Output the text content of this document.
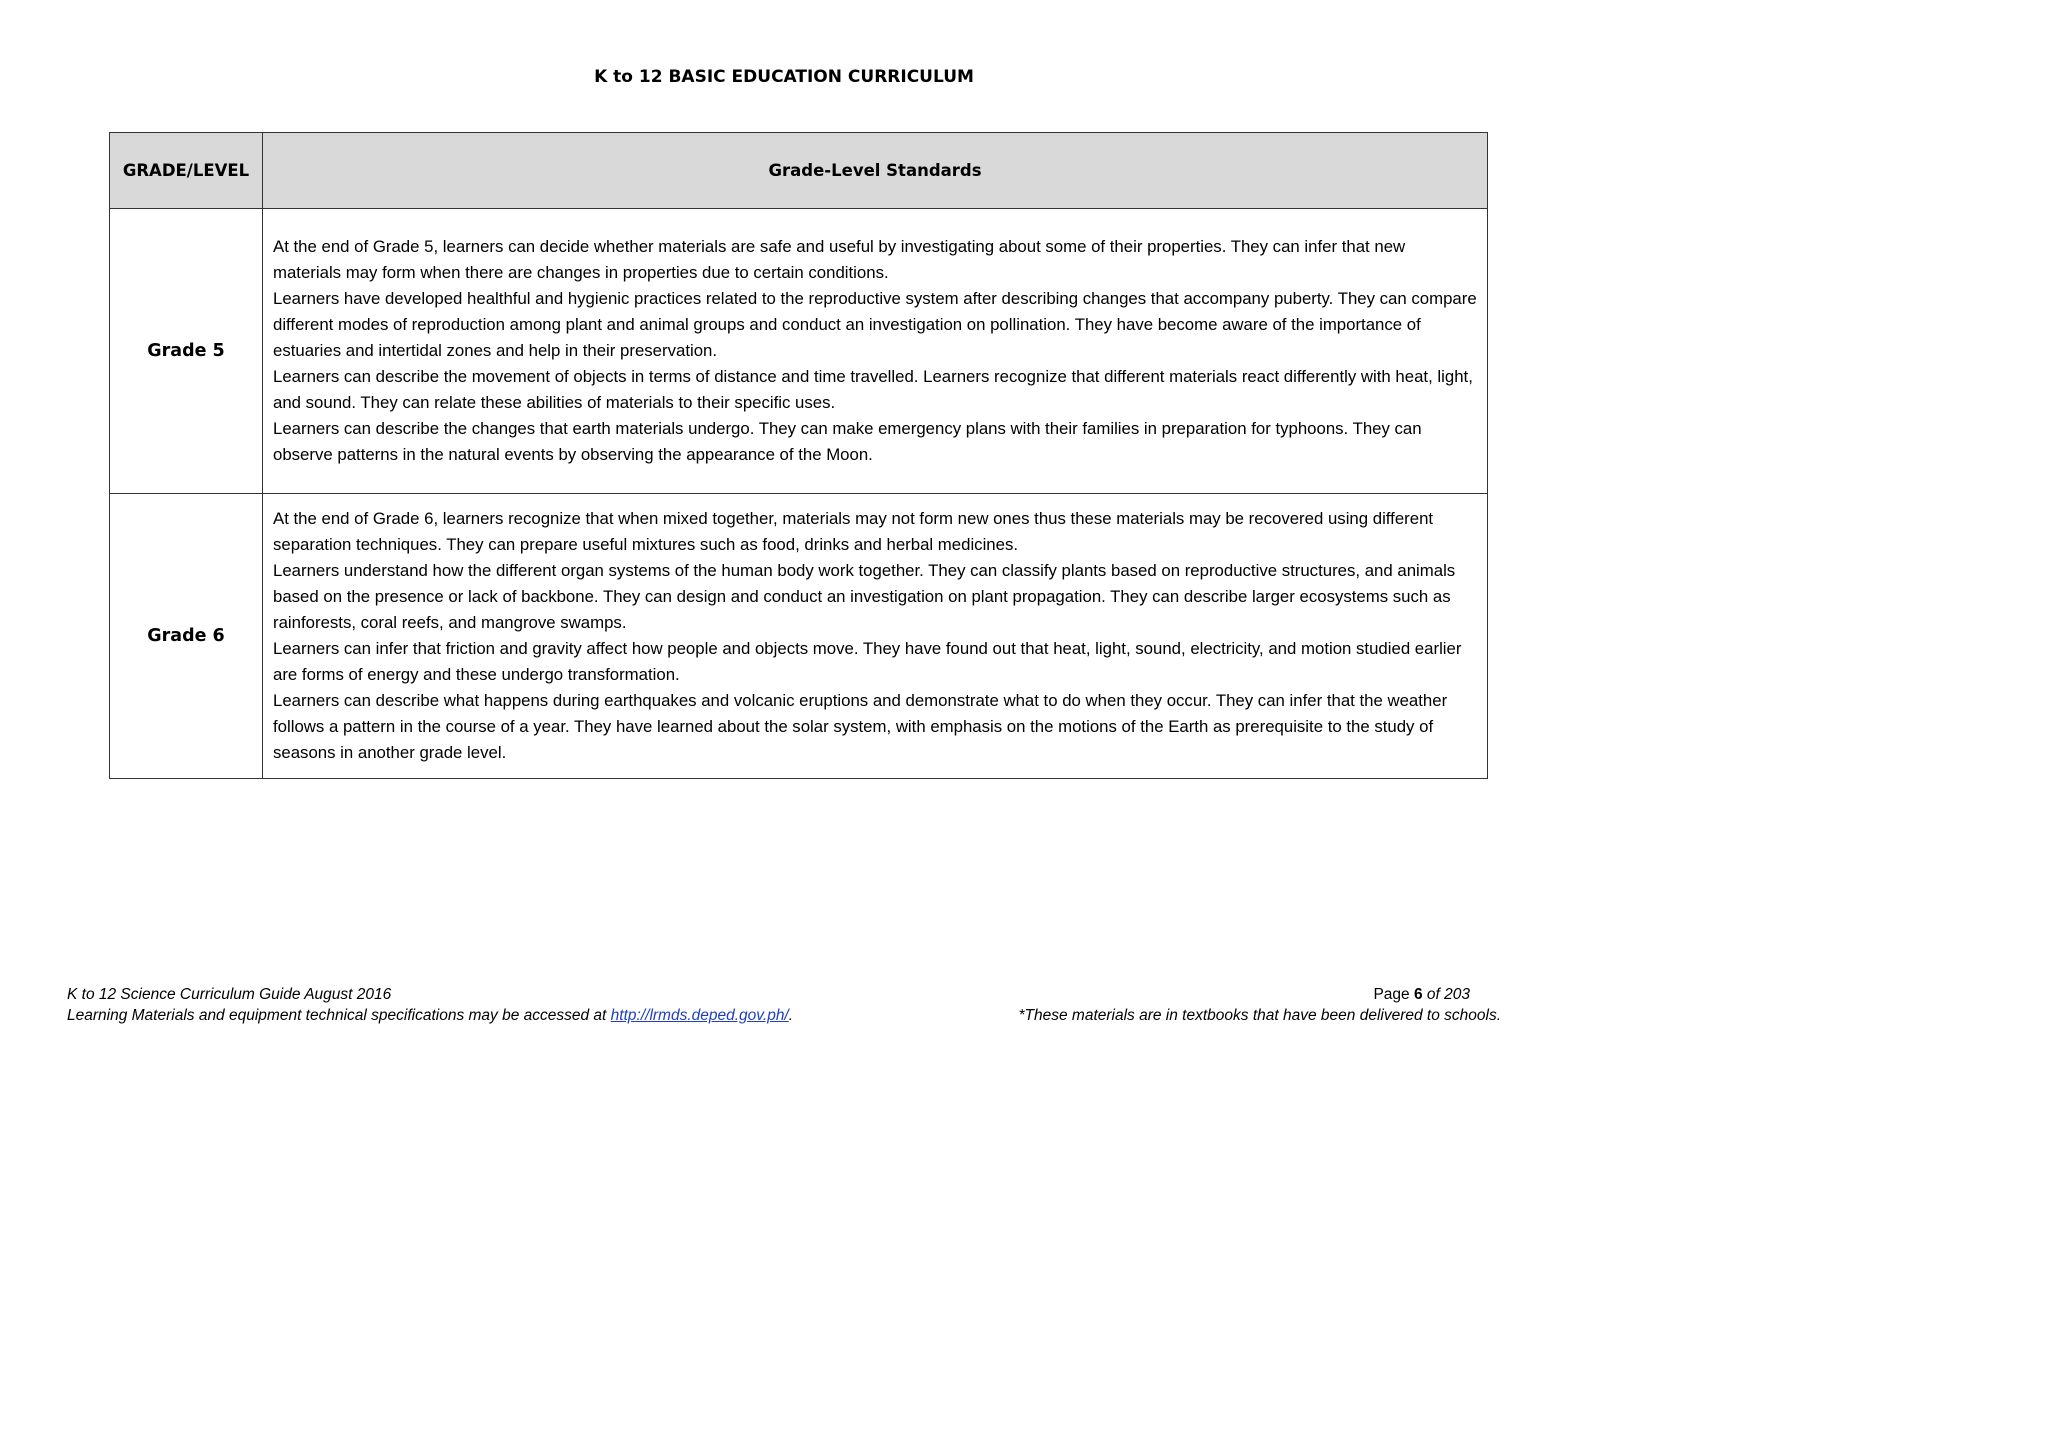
K to 12 BASIC EDUCATION CURRICULUM
GRADE/LEVEL	Grade-Level Standards
Grade 5	At the end of Grade 5, learners can decide whether materials are safe and useful by investigating about some of their properties. They can infer that new materials may form when there are changes in properties due to certain conditions.

Learners have developed healthful and hygienic practices related to the reproductive system after describing changes that accompany puberty. They can compare different modes of reproduction among plant and animal groups and conduct an investigation on pollination. They have become aware of the importance of estuaries and intertidal zones and help in their preservation.

Learners can describe the movement of objects in terms of distance and time travelled. Learners recognize that different materials react differently with heat, light, and sound. They can relate these abilities of materials to their specific uses.

Learners can describe the changes that earth materials undergo. They can make emergency plans with their families in preparation for typhoons. They can observe patterns in the natural events by observing the appearance of the Moon.

Grade 6	At the end of Grade 6, learners recognize that when mixed together, materials may not form new ones thus these materials may be recovered using different separation techniques. They can prepare useful mixtures such as food, drinks and herbal medicines.

Learners understand how the different organ systems of the human body work together. They can classify plants based on reproductive structures, and animals based on the presence or lack of backbone. They can design and conduct an investigation on plant propagation. They can describe larger ecosystems such as rainforests, coral reefs, and mangrove swamps.

Learners can infer that friction and gravity affect how people and objects move. They have found out that heat, light, sound, electricity, and motion studied earlier are forms of energy and these undergo transformation.

Learners can describe what happens during earthquakes and volcanic eruptions and demonstrate what to do when they occur. They can infer that the weather follows a pattern in the course of a year. They have learned about the solar system, with emphasis on the motions of the Earth as prerequisite to the study of seasons in another grade level.

K to 12 Science Curriculum Guide August 2016
Learning Materials and equipment technical specifications may be accessed at http://lrmds.deped.gov.ph/.
Page 6 of 203
*These materials are in textbooks that have been delivered to schools.
